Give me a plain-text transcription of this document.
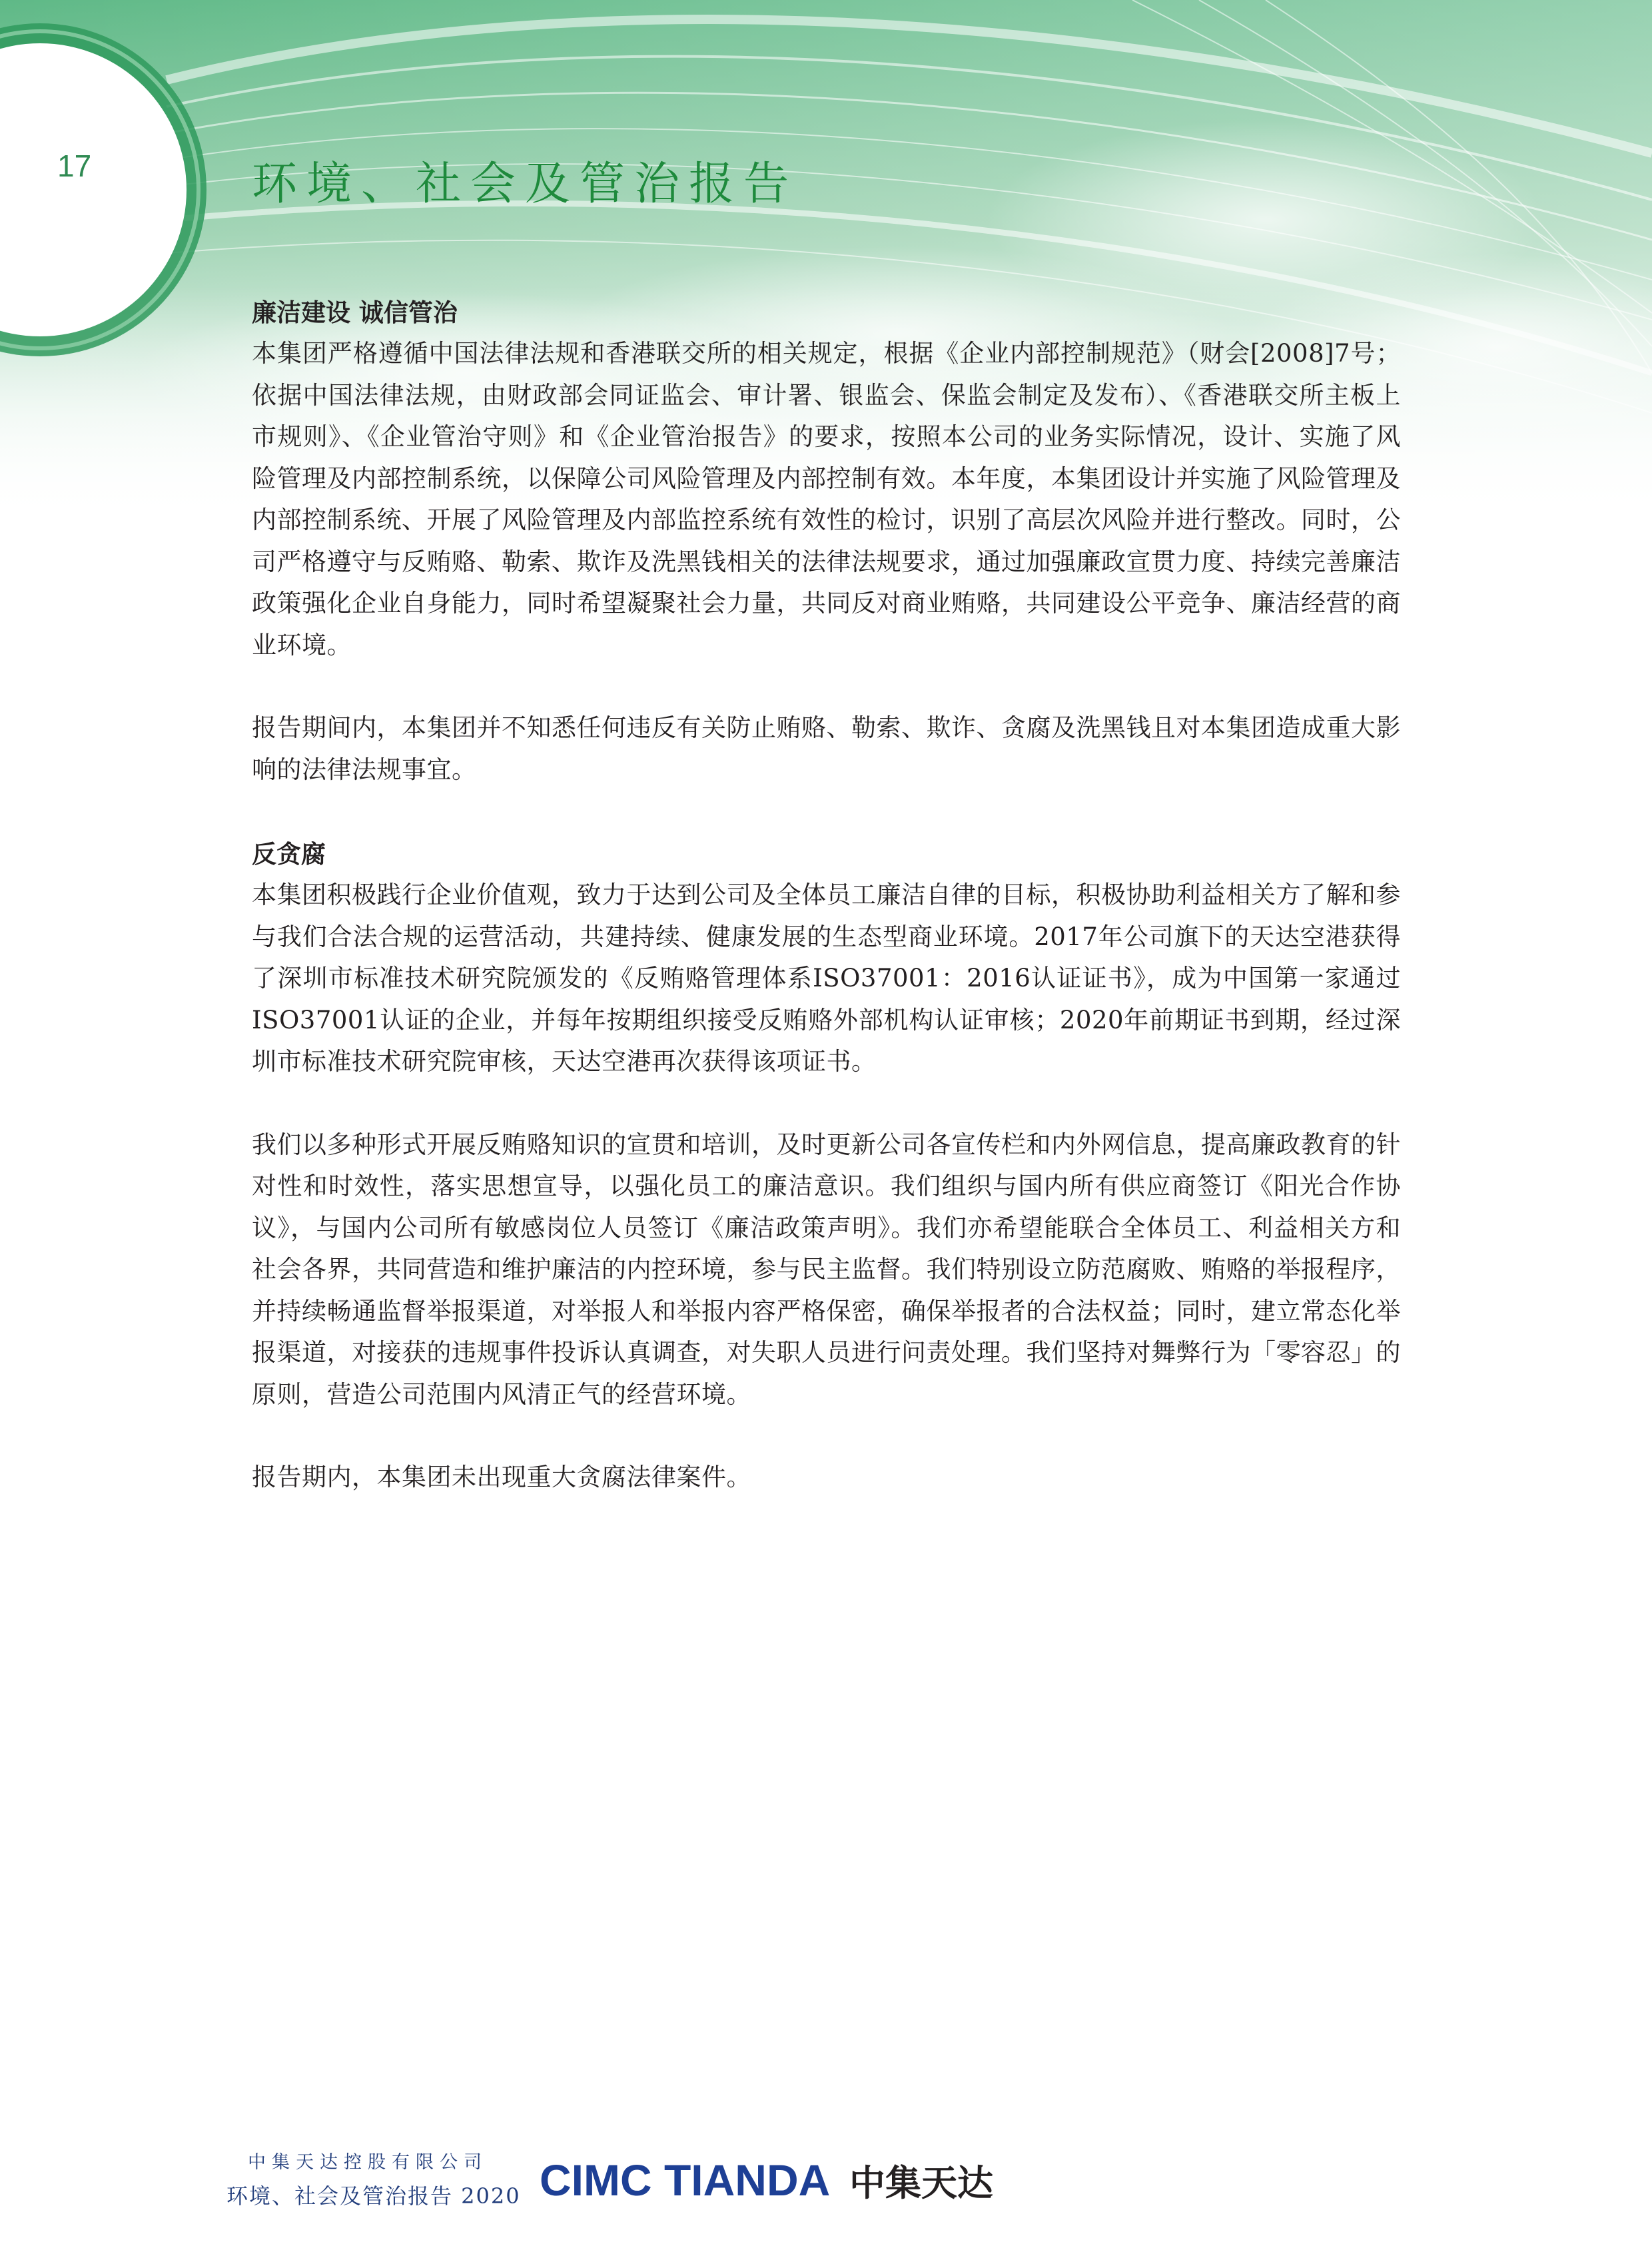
17	环境、社会及管治报告
廉洁建设 诚信管治

本集团严格遵循中国法律法规和香港联交所的相关规定，根据《企业内部控制规范》（财会[2008]7号；依据中国法律法规，由财政部会同证监会、审计署、银监会、保监会制定及发布）、《香港联交所主板上市规则》、《企业管治守则》和《企业管治报告》的要求，按照本公司的业务实际情况，设计、实施了风险管理及内部控制系统，以保障公司风险管理及内部控制有效。本年度，本集团设计并实施了风险管理及内部控制系统、开展了风险管理及内部监控系统有效性的检讨，识别了高层次风险并进行整改。同时，公司严格遵守与反贿赂、勒索、欺诈及洗黑钱相关的法律法规要求，通过加强廉政宣贯力度、持续完善廉洁政策强化企业自身能力，同时希望凝聚社会力量，共同反对商业贿赂，共同建设公平竞争、廉洁经营的商业环境。

报告期间内，本集团并不知悉任何违反有关防止贿赂、勒索、欺诈、贪腐及洗黑钱且对本集团造成重大影响的法律法规事宜。

反贪腐

本集团积极践行企业价值观，致力于达到公司及全体员工廉洁自律的目标，积极协助利益相关方了解和参与我们合法合规的运营活动，共建持续、健康发展的生态型商业环境。2017年公司旗下的天达空港获得了深圳市标准技术研究院颁发的《反贿赂管理体系ISO37001：2016认证证书》，成为中国第一家通过ISO37001认证的企业，并每年按期组织接受反贿赂外部机构认证审核；2020年前期证书到期，经过深圳市标准技术研究院审核，天达空港再次获得该项证书。

我们以多种形式开展反贿赂知识的宣贯和培训，及时更新公司各宣传栏和内外网信息，提高廉政教育的针对性和时效性，落实思想宣导，以强化员工的廉洁意识。我们组织与国内所有供应商签订《阳光合作协议》，与国内公司所有敏感岗位人员签订《廉洁政策声明》。我们亦希望能联合全体员工、利益相关方和社会各界，共同营造和维护廉洁的内控环境，参与民主监督。我们特别设立防范腐败、贿赂的举报程序，并持续畅通监督举报渠道，对举报人和举报内容严格保密，确保举报者的合法权益；同时，建立常态化举报渠道，对接获的违规事件投诉认真调查，对失职人员进行问责处理。我们坚持对舞弊行为「零容忍」的原则，营造公司范围内风清正气的经营环境。

报告期内，本集团未出现重大贪腐法律案件。

中集天达控股有限公司
环境、社会及管治报告 2020 CIMC TIANDA 中集天达
